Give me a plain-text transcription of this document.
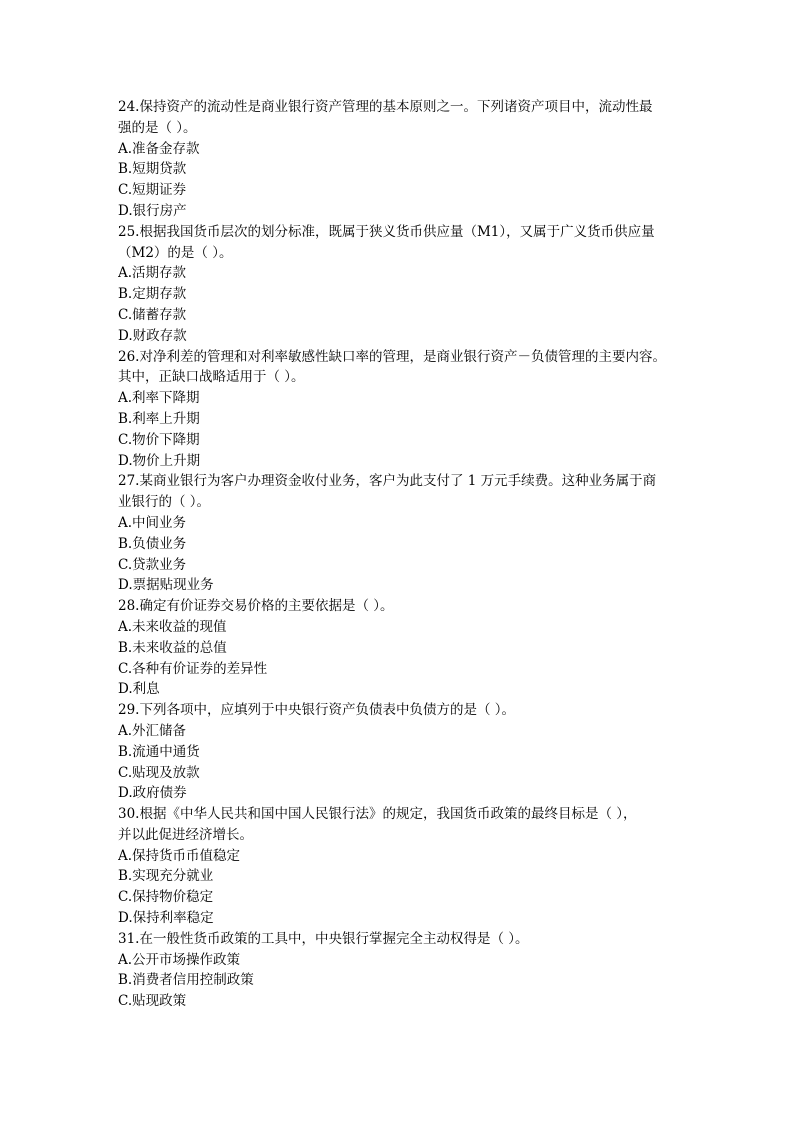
24.保持资产的流动性是商业银行资产管理的基本原则之一。下列诸资产项目中，流动性最
强的是（ ）。
A.准备金存款
B.短期贷款
C.短期证券
D.银行房产
25.根据我国货币层次的划分标准，既属于狭义货币供应量（M1），又属于广义货币供应量
（M2）的是（ ）。
A.活期存款
B.定期存款
C.储蓄存款
D.财政存款
26.对净利差的管理和对利率敏感性缺口率的管理，是商业银行资产－负债管理的主要内容。
其中，正缺口战略适用于（ ）。
A.利率下降期
B.利率上升期
C.物价下降期
D.物价上升期
27.某商业银行为客户办理资金收付业务，客户为此支付了 1 万元手续费。这种业务属于商
业银行的（ ）。
A.中间业务
B.负债业务
C.贷款业务
D.票据贴现业务
28.确定有价证券交易价格的主要依据是（ ）。
A.未来收益的现值
B.未来收益的总值
C.各种有价证券的差异性
D.利息
29.下列各项中，应填列于中央银行资产负债表中负债方的是（ ）。
A.外汇储备
B.流通中通货
C.贴现及放款
D.政府债券
30.根据《中华人民共和国中国人民银行法》的规定，我国货币政策的最终目标是（ ），
并以此促进经济增长。
A.保持货币币值稳定
B.实现充分就业
C.保持物价稳定
D.保持利率稳定
31.在一般性货币政策的工具中，中央银行掌握完全主动权得是（ ）。
A.公开市场操作政策
B.消费者信用控制政策
C.贴现政策
